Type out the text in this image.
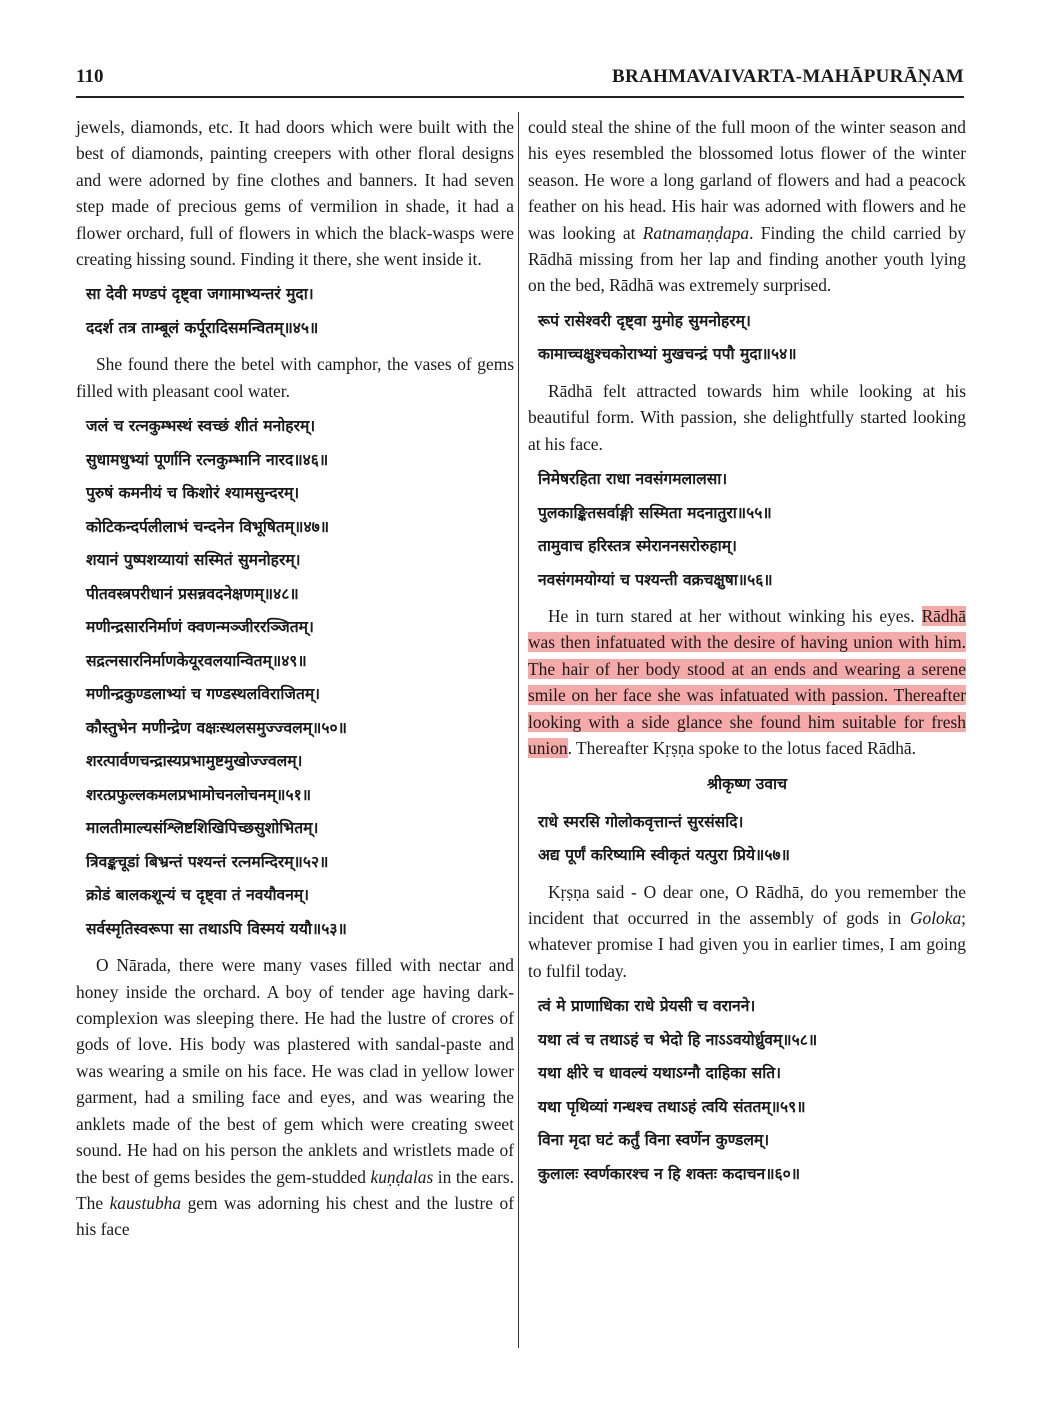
110	BRAHMAVAIVARTA-MAHĀPURĀṆAM

jewels, diamonds, etc. It had doors which were built with the best of diamonds, painting creepers with other floral designs and were adorned by fine clothes and banners. It had seven step made of precious gems of vermilion in shade, it had a flower orchard, full of flowers in which the black-wasps were creating hissing sound. Finding it there, she went inside it.

सा देवी मण्डपं दृष्ट्वा जगामाभ्यन्तरं मुदा।
ददर्श तत्र ताम्बूलं कर्पूरादिसमन्वितम्॥४५॥

She found there the betel with camphor, the vases of gems filled with pleasant cool water.

जलं च रत्नकुम्भस्थं स्वच्छं शीतं मनोहरम्।
सुधामधुभ्यां पूर्णानि रत्नकुम्भानि नारद॥४६॥
पुरुषं कमनीयं च किशोरं श्यामसुन्दरम्।
कोटिकन्दर्पलीलाभं चन्दनेन विभूषितम्॥४७॥
शयानं पुष्पशय्यायां सस्मितं सुमनोहरम्।
पीतवस्त्रपरीधानं प्रसन्नवदनेक्षणम्॥४८॥
मणीन्द्रसारनिर्माणं क्वणन्मञ्जीररञ्जितम्।
सद्रत्नसारनिर्माणकेयूरवलयान्वितम्॥४९॥
मणीन्द्रकुण्डलाभ्यां च गण्डस्थलविराजितम्।
कौस्तुभेन मणीन्द्रेण वक्षःस्थलसमुज्ज्वलम्॥५०॥
शरत्पार्वणचन्द्रास्यप्रभामुष्टमुखोज्ज्वलम्।
शरत्प्रफुल्लकमलप्रभामोचनलोचनम्॥५१॥
मालतीमाल्यसंश्लिष्टशिखिपिच्छसुशोभितम्।
त्रिवङ्कचूडां बिभ्रन्तं पश्यन्तं रत्नमन्दिरम्॥५२॥
क्रोडं बालकशून्यं च दृष्ट्वा तं नवयौवनम्।
सर्वस्मृतिस्वरूपा सा तथाऽपि विस्मयं ययौ॥५३॥

O Nārada, there were many vases filled with nectar and honey inside the orchard. A boy of tender age having dark-complexion was sleeping there. He had the lustre of crores of gods of love. His body was plastered with sandal-paste and was wearing a smile on his face. He was clad in yellow lower garment, had a smiling face and eyes, and was wearing the anklets made of the best of gem which were creating sweet sound. He had on his person the anklets and wristlets made of the best of gems besides the gem-studded kuṇḍalas in the ears. The kaustubha gem was adorning his chest and the lustre of his face

could steal the shine of the full moon of the winter season and his eyes resembled the blossomed lotus flower of the winter season. He wore a long garland of flowers and had a peacock feather on his head. His hair was adorned with flowers and he was looking at Ratnamaṇḍapa. Finding the child carried by Rādhā missing from her lap and finding another youth lying on the bed, Rādhā was extremely surprised.

रूपं रासेश्वरी दृष्ट्वा मुमोह सुमनोहरम्।
कामाच्चक्षुश्चकोराभ्यां मुखचन्द्रं पपौ मुदा॥५४॥

Rādhā felt attracted towards him while looking at his beautiful form. With passion, she delightfully started looking at his face.

निमेषरहिता राधा नवसंगमलालसा।
पुलकाङ्कितसर्वाङ्गी सस्मिता मदनातुरा॥५५॥
तामुवाच हरिस्तत्र स्मेराननसरोरुहाम्।
नवसंगमयोग्यां च पश्यन्ती वक्रचक्षुषा॥५६॥

He in turn stared at her without winking his eyes. Rādhā was then infatuated with the desire of having union with him. The hair of her body stood at an ends and wearing a serene smile on her face she was infatuated with passion. Thereafter looking with a side glance she found him suitable for fresh union. Thereafter Kṛṣṇa spoke to the lotus faced Rādhā.

श्रीकृष्ण उवाच
राधे स्मरसि गोलोकवृत्तान्तं सुरसंसदि।
अद्य पूर्णं करिष्यामि स्वीकृतं यत्पुरा प्रिये॥५७॥

Kṛṣṇa said - O dear one, O Rādhā, do you remember the incident that occurred in the assembly of gods in Goloka; whatever promise I had given you in earlier times, I am going to fulfil today.

त्वं मे प्राणाधिका राधे प्रेयसी च वरानने।
यथा त्वं च तथाऽहं च भेदो हि नाऽऽवयोर्ध्रुवम्॥५८॥
यथा क्षीरे च धावल्यं यथाऽग्नौ दाहिका सति।
यथा पृथिव्यां गन्धश्च तथाऽहं त्वयि संततम्॥५९॥
विना मृदा घटं कर्तुं विना स्वर्णेन कुण्डलम्।
कुलालः स्वर्णकारश्च न हि शक्तः कदाचन॥६०॥
